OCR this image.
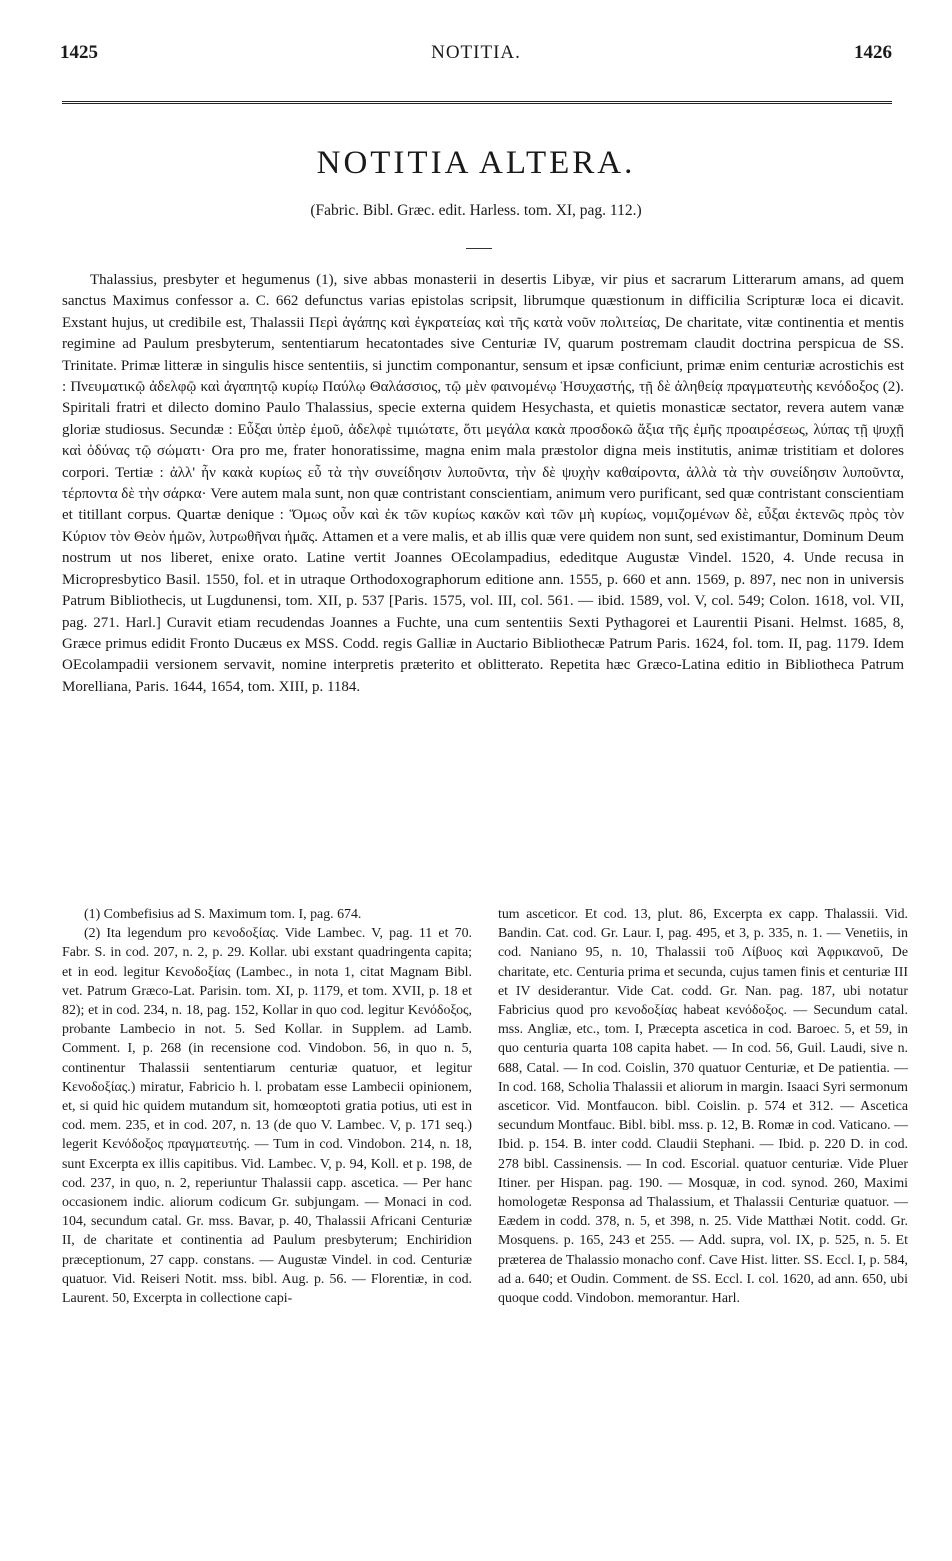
1425	NOTITIA.	1426
NOTITIA ALTERA.
(Fabric. Bibl. Græc. edit. Harless. tom. XI, pag. 112.)

Thalassius, presbyter et hegumenus (1), sive abbas monasterii in desertis Libyæ, vir pius et sacrarum Litterarum amans, ad quem sanctus Maximus confessor a. C. 662 defunctus varias epistolas scripsit, librumque quæstionum in difficilia Scripturæ loca ei dicavit. Exstant hujus, ut credibile est, Thalassii Περὶ ἀγάπης καὶ ἐγκρατείας καὶ τῆς κατὰ νοῦν πολιτείας, De charitate, vitæ continentia et mentis regimine ad Paulum presbyterum, sententiarum hecatontades sive Centuriæ IV, quarum postremam claudit doctrina perspicua de SS. Trinitate. Primæ litteræ in singulis hisce sententiis, si junctim componantur, sensum et ipsæ conficiunt, primæ enim centuriæ acrostichis est : Πνευματικῷ ἀδελφῷ καὶ ἀγαπητῷ κυρίῳ Παύλῳ Θαλάσσιος, τῷ μὲν φαινομένῳ Ἡσυχαστής, τῇ δὲ ἀληθείᾳ πραγματευτὴς κενόδοξος (2). Spiritali fratri et dilecto domino Paulo Thalassius, specie externa quidem Hesychasta, et quietis monasticæ sectator, revera autem vanæ gloriæ studiosus. Secundæ : Εὖξαι ὑπὲρ ἐμοῦ, ἀδελφὲ τιμιώτατε, ὅτι μεγάλα κακὰ προσδοκῶ ἄξια τῆς ἐμῆς προαιρέσεως, λύπας τῇ ψυχῇ καὶ ὀδύνας τῷ σώματι· Ora pro me, frater honoratissime, magna enim mala præstolor digna meis institutis, animæ tristitiam et dolores corpori. Tertiæ : ἀλλ' ἦν κακὰ κυρίως εὖ τὰ τὴν συνείδησιν λυποῦντα, τὴν δὲ ψυχὴν καθαίροντα, ἀλλὰ τὰ τὴν συνείδησιν λυποῦντα, τέρποντα δὲ τὴν σάρκα· Vere autem mala sunt, non quæ contristant conscientiam, animum vero purificant, sed quæ contristant conscientiam et titillant corpus. Quartæ denique : Ὅμως οὖν καὶ ἐκ τῶν κυρίως κακῶν καὶ τῶν μὴ κυρίως, νομιζομένων δὲ, εὖξαι ἐκτενῶς πρὸς τὸν Κύριον τὸν Θεὸν ἡμῶν, λυτρωθῆναι ἡμᾶς. Attamen et a vere malis, et ab illis quæ vere quidem non sunt, sed existimantur, Dominum Deum nostrum ut nos liberet, enixe orato. Latine vertit Joannes OEcolampadius, ededitque Augustæ Vindel. 1520, 4. Unde recusa in Micropresbytico Basil. 1550, fol. et in utraque Orthodoxographorum editione ann. 1555, p. 660 et ann. 1569, p. 897, nec non in universis Patrum Bibliothecis, ut Lugdunensi, tom. XII, p. 537 [Paris. 1575, vol. III, col. 561. — ibid. 1589, vol. V, col. 549; Colon. 1618, vol. VII, pag. 271. Harl.] Curavit etiam recudendas Joannes a Fuchte, una cum sententiis Sexti Pythagorei et Laurentii Pisani. Helmst. 1685, 8, Græce primus edidit Fronto Ducæus ex MSS. Codd. regis Galliæ in Auctario Bibliothecæ Patrum Paris. 1624, fol. tom. II, pag. 1179. Idem OEcolampadii versionem servavit, nomine interpretis præterito et oblitterato. Repetita hæc Græco-Latina editio in Bibliotheca Patrum Morelliana, Paris. 1644, 1654, tom. XIII, p. 1184.

(1) Combefisius ad S. Maximum tom. I, pag. 674.

(2) Ita legendum pro κενοδοξίας. Vide Lambec. V, pag. 11 et 70. Fabr. S. in cod. 207, n. 2, p. 29. Kollar. ubi exstant quadringenta capita; et in eod. legitur Κενοδοξίας (Lambec., in nota 1, citat Magnam Bibl. vet. Patrum Græco-Lat. Parisin. tom. XI, p. 1179, et tom. XVII, p. 18 et 82); et in cod. 234, n. 18, pag. 152, Kollar in quo cod. legitur Κενόδοξος, probante Lambecio in not. 5. Sed Kollar. in Supplem. ad Lamb. Comment. I, p. 268 (in recensione cod. Vindobon. 56, in quo n. 5, continentur Thalassii sententiarum centuriæ quatuor, et legitur Κενοδοξίας.) miratur, Fabricio h. l. probatam esse Lambecii opinionem, et, si quid hic quidem mutandum sit, homœoptoti gratia potius, uti est in cod. mem. 235, et in cod. 207, n. 13 (de quo V. Lambec. V, p. 171 seq.) legerit Κενόδοξος πραγματευτής. — Tum in cod. Vindobon. 214, n. 18, sunt Excerpta ex illis capitibus. Vid. Lambec. V, p. 94, Koll. et p. 198, de cod. 237, in quo, n. 2, reperiuntur Thalassii capp. ascetica. — Per hanc occasionem indic. aliorum codicum Gr. subjungam. — Monaci in cod. 104, secundum catal. Gr. mss. Bavar, p. 40, Thalassii Africani Centuriæ II, de charitate et continentia ad Paulum presbyterum; Enchiridion præceptionum, 27 capp. constans. — Augustæ Vindel. in cod. Centuriæ quatuor. Vid. Reiseri Notit. mss. bibl. Aug. p. 56. — Florentiæ, in cod. Laurent. 50, Excerpta in collectione capi-

tum asceticor. Et cod. 13, plut. 86, Excerpta ex capp. Thalassii. Vid. Bandin. Cat. cod. Gr. Laur. I, pag. 495, et 3, p. 335, n. 1. — Venetiis, in cod. Naniano 95, n. 10, Thalassii τοῦ Λίβυος καὶ Ἀφρικανοῦ, De charitate, etc. Centuria prima et secunda, cujus tamen finis et centuriæ III et IV desiderantur. Vide Cat. codd. Gr. Nan. pag. 187, ubi notatur Fabricius quod pro κενοδοξίας habeat κενόδοξος. — Secundum catal. mss. Angliæ, etc., tom. I, Præcepta ascetica in cod. Baroec. 5, et 59, in quo centuria quarta 108 capita habet. — In cod. 56, Guil. Laudi, sive n. 688, Catal. — In cod. Coislin, 370 quatuor Centuriæ, et De patientia. — In cod. 168, Scholia Thalassii et aliorum in margin. Isaaci Syri sermonum asceticor. Vid. Montfaucon. bibl. Coislin. p. 574 et 312. — Ascetica secundum Montfauc. Bibl. bibl. mss. p. 12, B. Romæ in cod. Vaticano. — Ibid. p. 154. B. inter codd. Claudii Stephani. — Ibid. p. 220 D. in cod. 278 bibl. Cassinensis. — In cod. Escorial. quatuor centuriæ. Vide Pluer Itiner. per Hispan. pag. 190. — Mosquæ, in cod. synod. 260, Maximi homologetæ Responsa ad Thalassium, et Thalassii Centuriæ quatuor. — Eædem in codd. 378, n. 5, et 398, n. 25. Vide Matthæi Notit. codd. Gr. Mosquens. p. 165, 243 et 255. — Add. supra, vol. IX, p. 525, n. 5. Et præterea de Thalassio monacho conf. Cave Hist. litter. SS. Eccl. I, p. 584, ad a. 640; et Oudin. Comment. de SS. Eccl. I. col. 1620, ad ann. 650, ubi quoque codd. Vindobon. memorantur. Harl.
